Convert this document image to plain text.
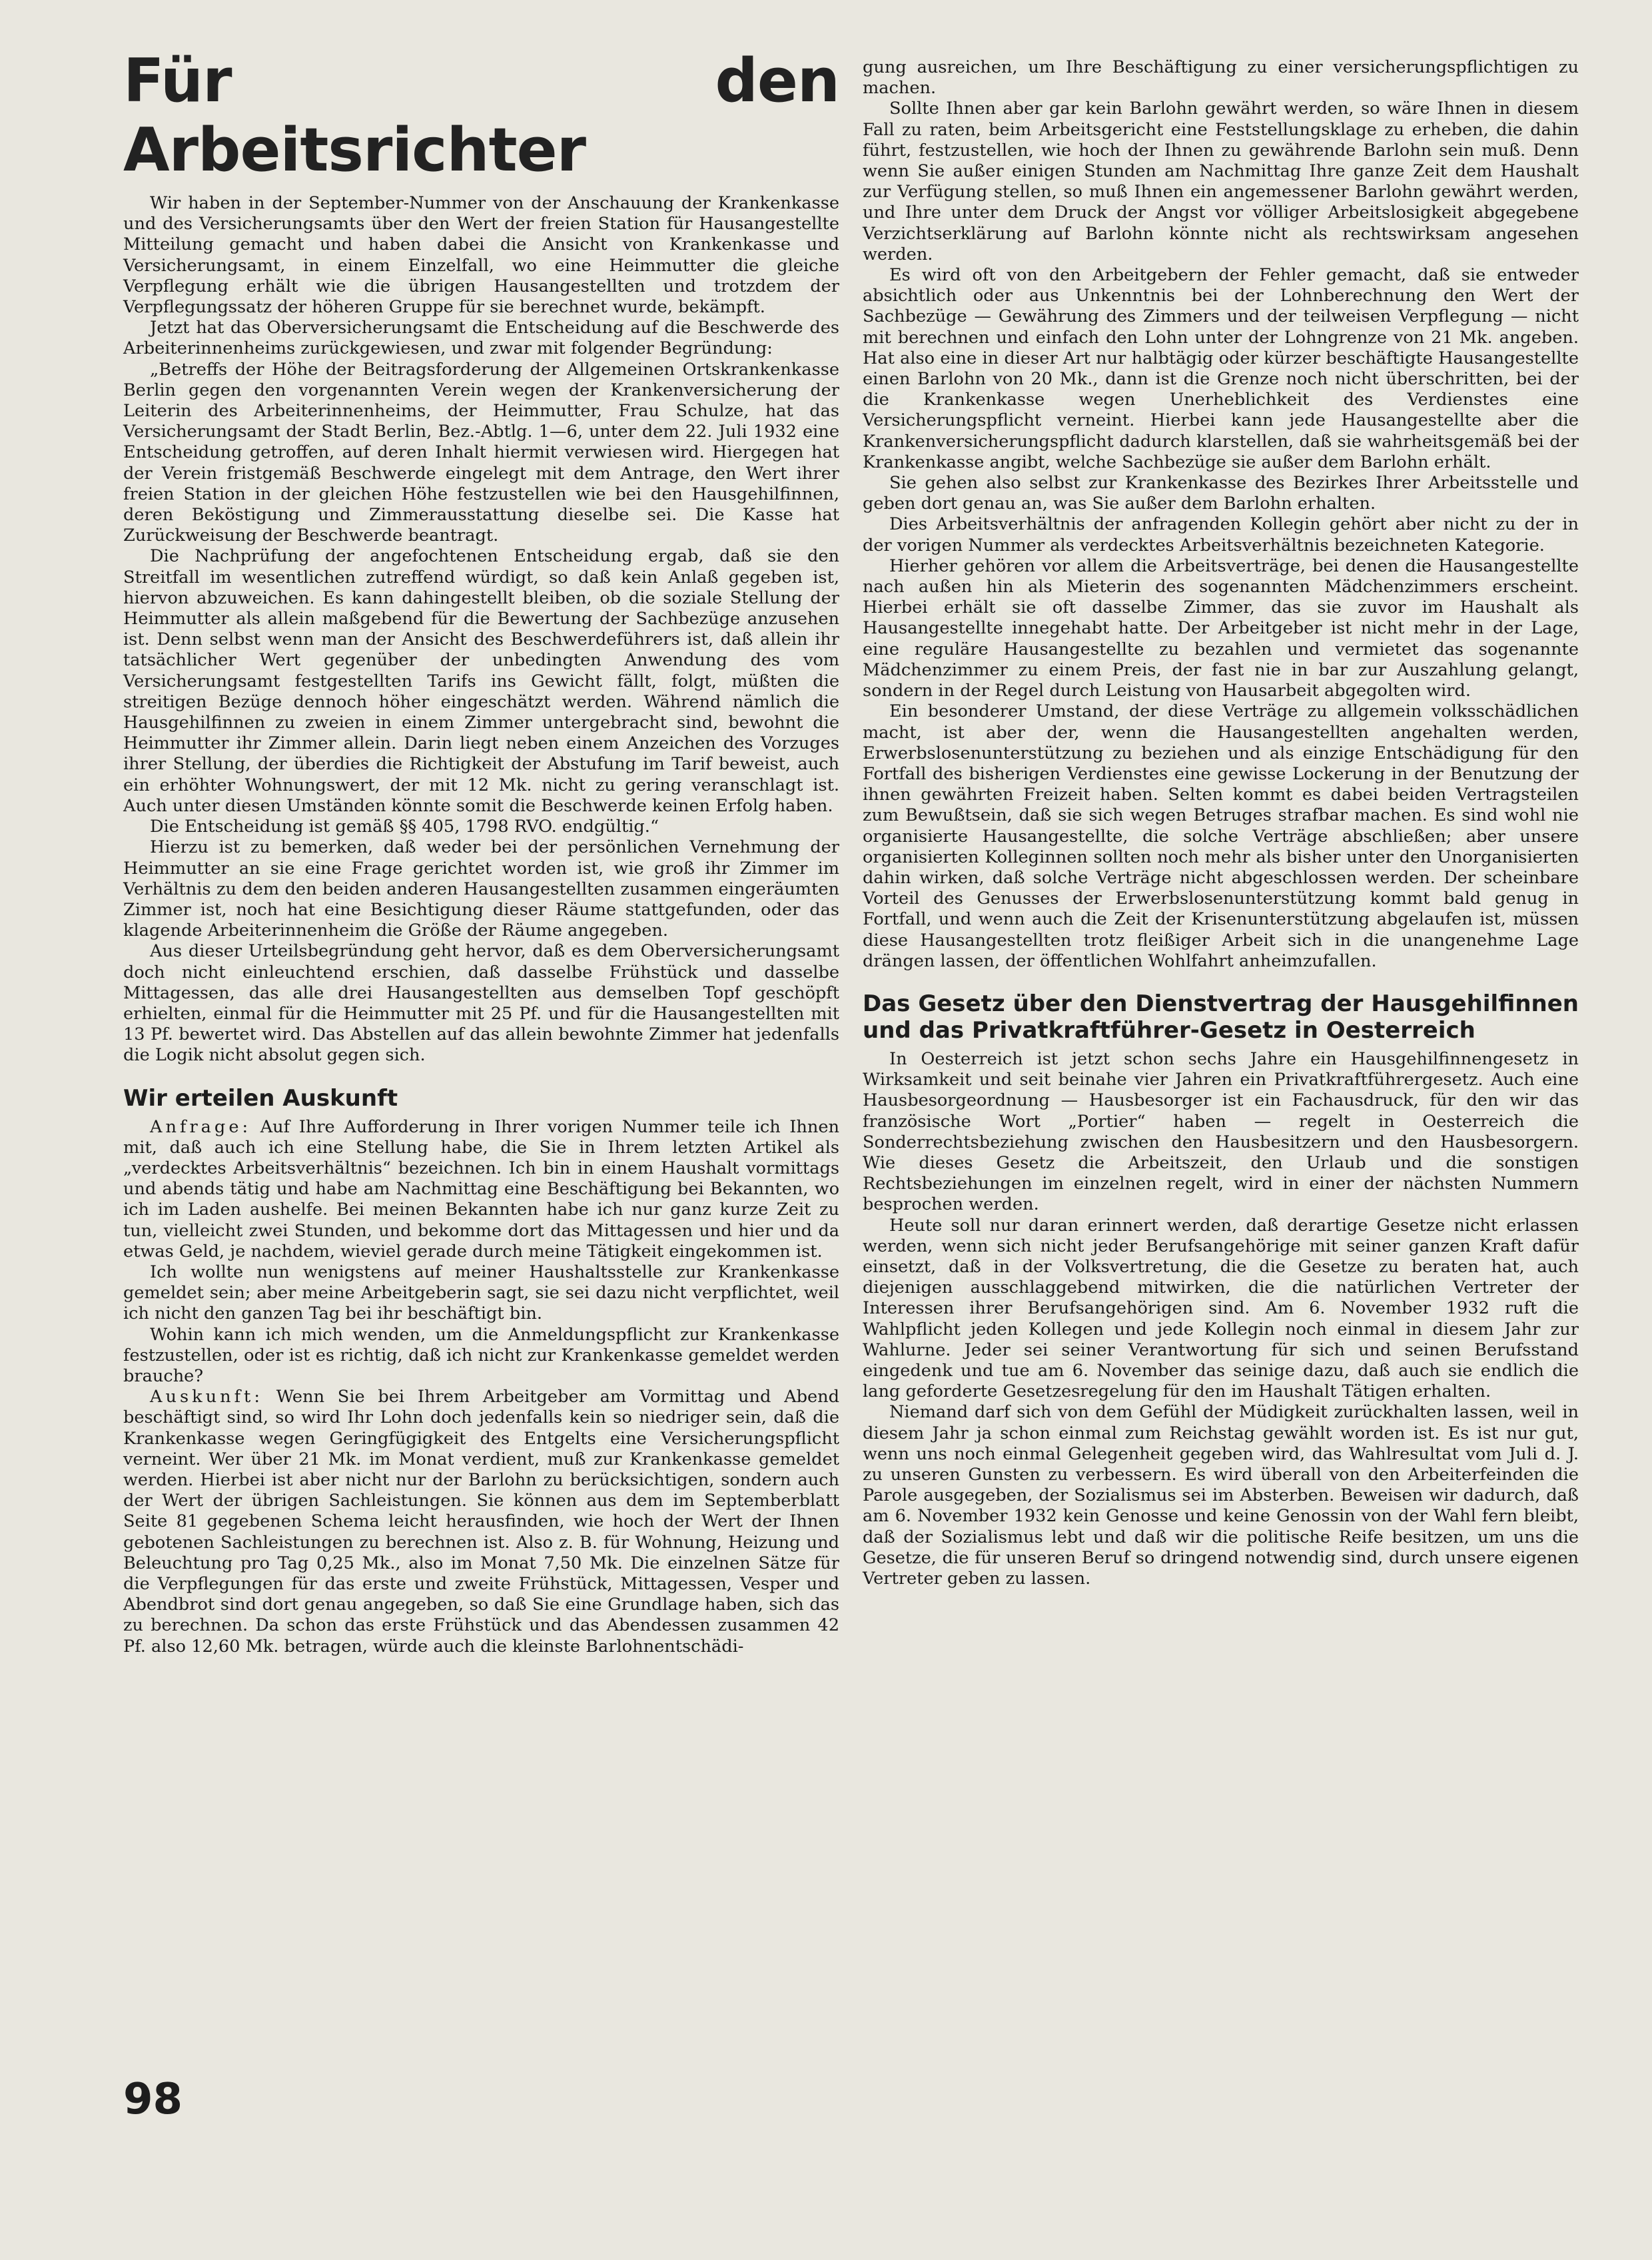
Für den Arbeitsrichter

Wir haben in der September-Nummer von der Anschauung der Krankenkasse und des Versicherungsamts über den Wert der freien Station für Hausangestellte Mitteilung gemacht und haben dabei die Ansicht von Krankenkasse und Versicherungsamt, in einem Einzelfall, wo eine Heimmutter die gleiche Verpflegung erhält wie die übrigen Hausangestellten und trotzdem der Verpflegungssatz der höheren Gruppe für sie berechnet wurde, bekämpft.

Jetzt hat das Oberversicherungsamt die Entscheidung auf die Beschwerde des Arbeiterinnenheims zurückgewiesen, und zwar mit folgender Begründung:

„Betreffs der Höhe der Beitragsforderung der Allgemeinen Ortskrankenkasse Berlin gegen den vorgenannten Verein wegen der Krankenversicherung der Leiterin des Arbeiterinnenheims, der Heimmutter, Frau Schulze, hat das Versicherungsamt der Stadt Berlin, Bez.-Abtlg. 1—6, unter dem 22. Juli 1932 eine Entscheidung getroffen, auf deren Inhalt hiermit verwiesen wird. Hiergegen hat der Verein fristgemäß Beschwerde eingelegt mit dem Antrage, den Wert ihrer freien Station in der gleichen Höhe festzustellen wie bei den Hausgehilfinnen, deren Beköstigung und Zimmerausstattung dieselbe sei. Die Kasse hat Zurückweisung der Beschwerde beantragt.

Die Nachprüfung der angefochtenen Entscheidung ergab, daß sie den Streitfall im wesentlichen zutreffend würdigt, so daß kein Anlaß gegeben ist, hiervon abzuweichen. Es kann dahingestellt bleiben, ob die soziale Stellung der Heimmutter als allein maßgebend für die Bewertung der Sachbezüge anzusehen ist. Denn selbst wenn man der Ansicht des Beschwerdeführers ist, daß allein ihr tatsächlicher Wert gegenüber der unbedingten Anwendung des vom Versicherungsamt festgestellten Tarifs ins Gewicht fällt, folgt, müßten die streitigen Bezüge dennoch höher eingeschätzt werden. Während nämlich die Hausgehilfinnen zu zweien in einem Zimmer untergebracht sind, bewohnt die Heimmutter ihr Zimmer allein. Darin liegt neben einem Anzeichen des Vorzuges ihrer Stellung, der überdies die Richtigkeit der Abstufung im Tarif beweist, auch ein erhöhter Wohnungswert, der mit 12 Mk. nicht zu gering veranschlagt ist. Auch unter diesen Umständen könnte somit die Beschwerde keinen Erfolg haben.

Die Entscheidung ist gemäß §§ 405, 1798 RVO. endgültig.“

Hierzu ist zu bemerken, daß weder bei der persönlichen Vernehmung der Heimmutter an sie eine Frage gerichtet worden ist, wie groß ihr Zimmer im Verhältnis zu dem den beiden anderen Hausangestellten zusammen eingeräumten Zimmer ist, noch hat eine Besichtigung dieser Räume stattgefunden, oder das klagende Arbeiterinnenheim die Größe der Räume angegeben.

Aus dieser Urteilsbegründung geht hervor, daß es dem Oberversicherungsamt doch nicht einleuchtend erschien, daß dasselbe Frühstück und dasselbe Mittagessen, das alle drei Hausangestellten aus demselben Topf geschöpft erhielten, einmal für die Heimmutter mit 25 Pf. und für die Hausangestellten mit 13 Pf. bewertet wird. Das Abstellen auf das allein bewohnte Zimmer hat jedenfalls die Logik nicht absolut gegen sich.

Wir erteilen Auskunft

Anfrage: Auf Ihre Aufforderung in Ihrer vorigen Nummer teile ich Ihnen mit, daß auch ich eine Stellung habe, die Sie in Ihrem letzten Artikel als „verdecktes Arbeitsverhältnis“ bezeichnen. Ich bin in einem Haushalt vormittags und abends tätig und habe am Nachmittag eine Beschäftigung bei Bekannten, wo ich im Laden aushelfe. Bei meinen Bekannten habe ich nur ganz kurze Zeit zu tun, vielleicht zwei Stunden, und bekomme dort das Mittagessen und hier und da etwas Geld, je nachdem, wieviel gerade durch meine Tätigkeit eingekommen ist.

Ich wollte nun wenigstens auf meiner Haushaltsstelle zur Krankenkasse gemeldet sein; aber meine Arbeitgeberin sagt, sie sei dazu nicht verpflichtet, weil ich nicht den ganzen Tag bei ihr beschäftigt bin.

Wohin kann ich mich wenden, um die Anmeldungspflicht zur Krankenkasse festzustellen, oder ist es richtig, daß ich nicht zur Krankenkasse gemeldet werden brauche?

Auskunft: Wenn Sie bei Ihrem Arbeitgeber am Vormittag und Abend beschäftigt sind, so wird Ihr Lohn doch jedenfalls kein so niedriger sein, daß die Krankenkasse wegen Geringfügigkeit des Entgelts eine Versicherungspflicht verneint. Wer über 21 Mk. im Monat verdient, muß zur Krankenkasse gemeldet werden. Hierbei ist aber nicht nur der Barlohn zu berücksichtigen, sondern auch der Wert der übrigen Sachleistungen. Sie können aus dem im Septemberblatt Seite 81 gegebenen Schema leicht herausfinden, wie hoch der Wert der Ihnen gebotenen Sachleistungen zu berechnen ist. Also z. B. für Wohnung, Heizung und Beleuchtung pro Tag 0,25 Mk., also im Monat 7,50 Mk. Die einzelnen Sätze für die Verpflegungen für das erste und zweite Frühstück, Mittagessen, Vesper und Abendbrot sind dort genau angegeben, so daß Sie eine Grundlage haben, sich das zu berechnen. Da schon das erste Frühstück und das Abendessen zusammen 42 Pf. also 12,60 Mk. betragen, würde auch die kleinste Barlohnentschädi-

gung ausreichen, um Ihre Beschäftigung zu einer versicherungspflichtigen zu machen.

Sollte Ihnen aber gar kein Barlohn gewährt werden, so wäre Ihnen in diesem Fall zu raten, beim Arbeitsgericht eine Feststellungsklage zu erheben, die dahin führt, festzustellen, wie hoch der Ihnen zu gewährende Barlohn sein muß. Denn wenn Sie außer einigen Stunden am Nachmittag Ihre ganze Zeit dem Haushalt zur Verfügung stellen, so muß Ihnen ein angemessener Barlohn gewährt werden, und Ihre unter dem Druck der Angst vor völliger Arbeitslosigkeit abgegebene Verzichtserklärung auf Barlohn könnte nicht als rechtswirksam angesehen werden.

Es wird oft von den Arbeitgebern der Fehler gemacht, daß sie entweder absichtlich oder aus Unkenntnis bei der Lohnberechnung den Wert der Sachbezüge — Gewährung des Zimmers und der teilweisen Verpflegung — nicht mit berechnen und einfach den Lohn unter der Lohngrenze von 21 Mk. angeben. Hat also eine in dieser Art nur halbtägig oder kürzer beschäftigte Hausangestellte einen Barlohn von 20 Mk., dann ist die Grenze noch nicht überschritten, bei der die Krankenkasse wegen Unerheblichkeit des Verdienstes eine Versicherungspflicht verneint. Hierbei kann jede Hausangestellte aber die Krankenversicherungspflicht dadurch klarstellen, daß sie wahrheitsgemäß bei der Krankenkasse angibt, welche Sachbezüge sie außer dem Barlohn erhält.

Sie gehen also selbst zur Krankenkasse des Bezirkes Ihrer Arbeitsstelle und geben dort genau an, was Sie außer dem Barlohn erhalten.

Dies Arbeitsverhältnis der anfragenden Kollegin gehört aber nicht zu der in der vorigen Nummer als verdecktes Arbeitsverhältnis bezeichneten Kategorie.

Hierher gehören vor allem die Arbeitsverträge, bei denen die Hausangestellte nach außen hin als Mieterin des sogenannten Mädchenzimmers erscheint. Hierbei erhält sie oft dasselbe Zimmer, das sie zuvor im Haushalt als Hausangestellte innegehabt hatte. Der Arbeitgeber ist nicht mehr in der Lage, eine reguläre Hausangestellte zu bezahlen und vermietet das sogenannte Mädchenzimmer zu einem Preis, der fast nie in bar zur Auszahlung gelangt, sondern in der Regel durch Leistung von Hausarbeit abgegolten wird.

Ein besonderer Umstand, der diese Verträge zu allgemein volksschädlichen macht, ist aber der, wenn die Hausangestellten angehalten werden, Erwerbslosenunterstützung zu beziehen und als einzige Entschädigung für den Fortfall des bisherigen Verdienstes eine gewisse Lockerung in der Benutzung der ihnen gewährten Freizeit haben. Selten kommt es dabei beiden Vertragsteilen zum Bewußtsein, daß sie sich wegen Betruges strafbar machen. Es sind wohl nie organisierte Hausangestellte, die solche Verträge abschließen; aber unsere organisierten Kolleginnen sollten noch mehr als bisher unter den Unorganisierten dahin wirken, daß solche Verträge nicht abgeschlossen werden. Der scheinbare Vorteil des Genusses der Erwerbslosenunterstützung kommt bald genug in Fortfall, und wenn auch die Zeit der Krisenunterstützung abgelaufen ist, müssen diese Hausangestellten trotz fleißiger Arbeit sich in die unangenehme Lage drängen lassen, der öffentlichen Wohlfahrt anheimzufallen.

Das Gesetz über den Dienstvertrag der Hausgehilfinnen und das Privatkraftführer-Gesetz in Oesterreich

In Oesterreich ist jetzt schon sechs Jahre ein Hausgehilfinnengesetz in Wirksamkeit und seit beinahe vier Jahren ein Privatkraftführergesetz. Auch eine Hausbesorgeordnung — Hausbesorger ist ein Fachausdruck, für den wir das französische Wort „Portier“ haben — regelt in Oesterreich die Sonderrechtsbeziehung zwischen den Hausbesitzern und den Hausbesorgern. Wie dieses Gesetz die Arbeitszeit, den Urlaub und die sonstigen Rechtsbeziehungen im einzelnen regelt, wird in einer der nächsten Nummern besprochen werden.

Heute soll nur daran erinnert werden, daß derartige Gesetze nicht erlassen werden, wenn sich nicht jeder Berufsangehörige mit seiner ganzen Kraft dafür einsetzt, daß in der Volksvertretung, die die Gesetze zu beraten hat, auch diejenigen ausschlaggebend mitwirken, die die natürlichen Vertreter der Interessen ihrer Berufsangehörigen sind. Am 6. November 1932 ruft die Wahlpflicht jeden Kollegen und jede Kollegin noch einmal in diesem Jahr zur Wahlurne. Jeder sei seiner Verantwortung für sich und seinen Berufsstand eingedenk und tue am 6. November das seinige dazu, daß auch sie endlich die lang geforderte Gesetzesregelung für den im Haushalt Tätigen erhalten.

Niemand darf sich von dem Gefühl der Müdigkeit zurückhalten lassen, weil in diesem Jahr ja schon einmal zum Reichstag gewählt worden ist. Es ist nur gut, wenn uns noch einmal Gelegenheit gegeben wird, das Wahlresultat vom Juli d. J. zu unseren Gunsten zu verbessern. Es wird überall von den Arbeiterfeinden die Parole ausgegeben, der Sozialismus sei im Absterben. Beweisen wir dadurch, daß am 6. November 1932 kein Genosse und keine Genossin von der Wahl fern bleibt, daß der Sozialismus lebt und daß wir die politische Reife besitzen, um uns die Gesetze, die für unseren Beruf so dringend notwendig sind, durch unsere eigenen Vertreter geben zu lassen.

98
